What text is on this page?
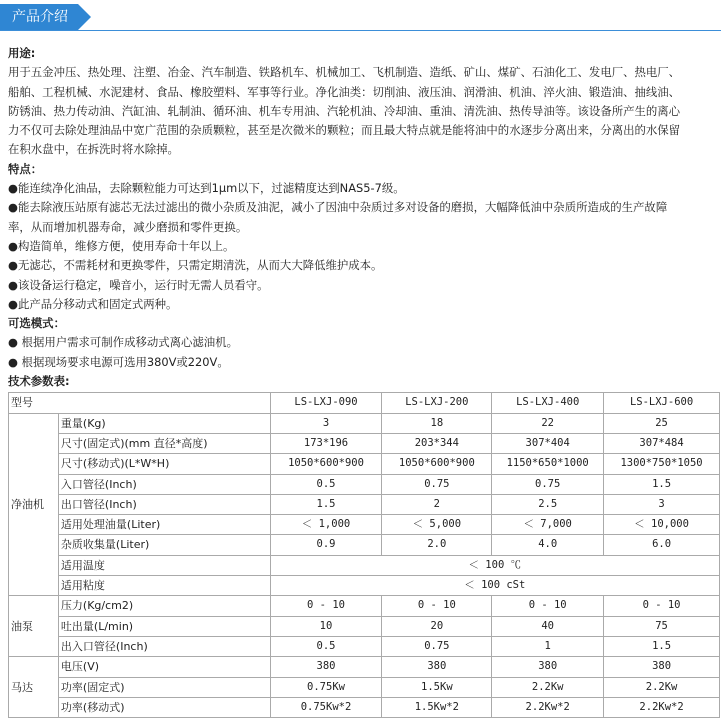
产品介绍

用途:

用于五金冲压、热处理、注塑、冶金、汽车制造、铁路机车、机械加工、飞机制造、造纸、矿山、煤矿、石油化工、发电厂、热电厂、

船舶、工程机械、水泥建材、食品、橡胶塑料、军事等行业。净化油类：切削油、液压油、润滑油、机油、淬火油、锻造油、抽线油、

防锈油、热力传动油、汽缸油、轧制油、循环油、机车专用油、汽轮机油、冷却油、重油、清洗油、热传导油等。该设备所产生的离心

力不仅可去除处理油品中宽广范围的杂质颗粒，甚至是次微米的颗粒；而且最大特点就是能将油中的水逐步分离出来，分离出的水保留

在积水盘中，在拆洗时将水除掉。

特点：

●能连续净化油品，去除颗粒能力可达到1μm以下，过滤精度达到NAS5-7级。

●能去除液压站原有滤芯无法过滤出的微小杂质及油泥，减小了因油中杂质过多对设备的磨损，大幅降低油中杂质所造成的生产故障

率，从而增加机器寿命，减少磨损和零件更换。

●构造简单，维修方便，使用寿命十年以上。

●无滤芯，不需耗材和更换零件，只需定期清洗，从而大大降低维护成本。

●该设备运行稳定，噪音小，运行时无需人员看守。

●此产品分移动式和固定式两种。

可选模式：

● 根据用户需求可制作成移动式离心滤油机。

● 根据现场要求电源可选用380V或220V。

技术参数表:

型号		LS-LXJ-090	LS-LXJ-200	LS-LXJ-400	LS-LXJ-600
净油机	重量(Kg)	3	18	22	25
	尺寸(固定式)(mm 直径*高度)	173*196	203*344	307*404	307*484
	尺寸(移动式)(L*W*H)	1050*600*900	1050*600*900	1150*650*1000	1300*750*1050
	入口管径(Inch)	0.5	0.75	0.75	1.5
	出口管径(Inch)	1.5	2	2.5	3
	适用处理油量(Liter)	＜ 1,000	＜ 5,000	＜ 7,000	＜ 10,000
	杂质收集量(Liter)	0.9	2.0	4.0	6.0
	适用温度	＜ 100 ℃			
	适用粘度	＜ 100 cSt			
油泵	压力(Kg/cm2)	0 - 10	0 - 10	0 - 10	0 - 10
	吐出量(L/min)	10	20	40	75
	出入口管径(Inch)	0.5	0.75	1	1.5
马达	电压(V)	380	380	380	380
	功率(固定式)	0.75Kw	1.5Kw	2.2Kw	2.2Kw
	功率(移动式)	0.75Kw*2	1.5Kw*2	2.2Kw*2	2.2Kw*2
